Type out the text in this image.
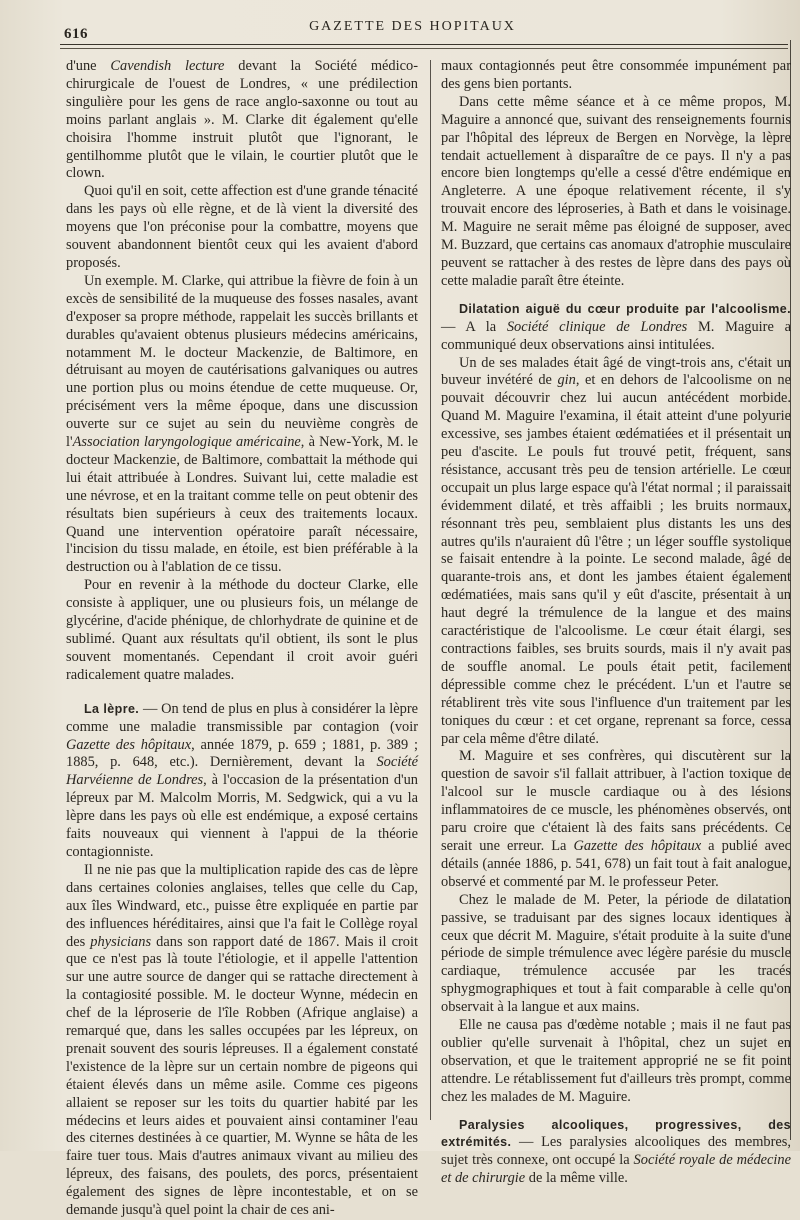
616	GAZETTE DES HOPITAUX

d'une Cavendish lecture devant la Société médico-chirurgicale de l'ouest de Londres, « une prédilection singulière pour les gens de race anglo-saxonne ou tout au moins parlant anglais ». M. Clarke dit également qu'elle choisira l'homme instruit plutôt que l'ignorant, le gentilhomme plutôt que le vilain, le courtier plutôt que le clown.

Quoi qu'il en soit, cette affection est d'une grande ténacité dans les pays où elle règne, et de là vient la diversité des moyens que l'on préconise pour la combattre, moyens que souvent abandonnent bientôt ceux qui les avaient d'abord proposés.

Un exemple. M. Clarke, qui attribue la fièvre de foin à un excès de sensibilité de la muqueuse des fosses nasales, avant d'exposer sa propre méthode, rappelait les succès brillants et durables qu'avaient obtenus plusieurs médecins américains, notamment M. le docteur Mackenzie, de Baltimore, en détruisant au moyen de cautérisations galvaniques ou autres une portion plus ou moins étendue de cette muqueuse. Or, précisément vers la même époque, dans une discussion ouverte sur ce sujet au sein du neuvième congrès de l'Association laryngologique américaine, à New-York, M. le docteur Mackenzie, de Baltimore, combattait la méthode qui lui était attribuée à Londres. Suivant lui, cette maladie est une névrose, et en la traitant comme telle on peut obtenir des résultats bien supérieurs à ceux des traitements locaux. Quand une intervention opératoire paraît nécessaire, l'incision du tissu malade, en étoile, est bien préférable à la destruction ou à l'ablation de ce tissu.

Pour en revenir à la méthode du docteur Clarke, elle consiste à appliquer, une ou plusieurs fois, un mélange de glycérine, d'acide phénique, de chlorhydrate de quinine et de sublimé. Quant aux résultats qu'il obtient, ils sont le plus souvent momentanés. Cependant il croit avoir guéri radicalement quatre malades.

La lèpre. — On tend de plus en plus à considérer la lèpre comme une maladie transmissible par contagion (voir Gazette des hôpitaux, année 1879, p. 659 ; 1881, p. 389 ; 1885, p. 648, etc.). Dernièrement, devant la Société Harvéienne de Londres, à l'occasion de la présentation d'un lépreux par M. Malcolm Morris, M. Sedgwick, qui a vu la lèpre dans les pays où elle est endémique, a exposé certains faits nouveaux qui viennent à l'appui de la théorie contagionniste.

Il ne nie pas que la multiplication rapide des cas de lèpre dans certaines colonies anglaises, telles que celle du Cap, aux îles Windward, etc., puisse être expliquée en partie par des influences héréditaires, ainsi que l'a fait le Collège royal des physicians dans son rapport daté de 1867. Mais il croit que ce n'est pas là toute l'étiologie, et il appelle l'attention sur une autre source de danger qui se rattache directement à la contagiosité possible. M. le docteur Wynne, médecin en chef de la léproserie de l'île Robben (Afrique anglaise) a remarqué que, dans les salles occupées par les lépreux, on prenait souvent des souris lépreuses. Il a également constaté l'existence de la lèpre sur un certain nombre de pigeons qui étaient élevés dans un même asile. Comme ces pigeons allaient se reposer sur les toits du quartier habité par les médecins et leurs aides et pouvaient ainsi contaminer l'eau des citernes destinées à ce quartier, M. Wynne se hâta de les faire tuer tous. Mais d'autres animaux vivant au milieu des lépreux, des faisans, des poulets, des porcs, présentaient également des signes de lèpre incontestable, et on se demande jusqu'à quel point la chair de ces ani-

maux contagionnés peut être consommée impunément par des gens bien portants.

Dans cette même séance et à ce même propos, M. Maguire a annoncé que, suivant des renseignements fournis par l'hôpital des lépreux de Bergen en Norvège, la lèpre tendait actuellement à disparaître de ce pays. Il n'y a pas encore bien longtemps qu'elle a cessé d'être endémique en Angleterre. A une époque relativement récente, il s'y trouvait encore des léproseries, à Bath et dans le voisinage. M. Maguire ne serait même pas éloigné de supposer, avec M. Buzzard, que certains cas anomaux d'atrophie musculaire peuvent se rattacher à des restes de lèpre dans des pays où cette maladie paraît être éteinte.

Dilatation aiguë du cœur produite par l'alcoolisme. — A la Société clinique de Londres M. Maguire a communiqué deux observations ainsi intitulées.

Un de ses malades était âgé de vingt-trois ans, c'était un buveur invétéré de gin, et en dehors de l'alcoolisme on ne pouvait découvrir chez lui aucun antécédent morbide. Quand M. Maguire l'examina, il était atteint d'une polyurie excessive, ses jambes étaient œdématiées et il présentait un peu d'ascite. Le pouls fut trouvé petit, fréquent, sans résistance, accusant très peu de tension artérielle. Le cœur occupait un plus large espace qu'à l'état normal ; il paraissait évidemment dilaté, et très affaibli ; les bruits normaux, résonnant très peu, semblaient plus distants les uns des autres qu'ils n'auraient dû l'être ; un léger souffle systolique se faisait entendre à la pointe. Le second malade, âgé de quarante-trois ans, et dont les jambes étaient également œdématiées, mais sans qu'il y eût d'ascite, présentait à un haut degré la trémulence de la langue et des mains caractéristique de l'alcoolisme. Le cœur était élargi, ses contractions faibles, ses bruits sourds, mais il n'y avait pas de souffle anomal. Le pouls était petit, facilement dépressible comme chez le précédent. L'un et l'autre se rétablirent très vite sous l'influence d'un traitement par les toniques du cœur : et cet organe, reprenant sa force, cessa par cela même d'être dilaté.

M. Maguire et ses confrères, qui discutèrent sur la question de savoir s'il fallait attribuer, à l'action toxique de l'alcool sur le muscle cardiaque ou à des lésions inflammatoires de ce muscle, les phénomènes observés, ont paru croire que c'étaient là des faits sans précédents. Ce serait une erreur. La Gazette des hôpitaux a publié avec détails (année 1886, p. 541, 678) un fait tout à fait analogue, observé et commenté par M. le professeur Peter.

Chez le malade de M. Peter, la période de dilatation passive, se traduisant par des signes locaux identiques à ceux que décrit M. Maguire, s'était produite à la suite d'une période de simple trémulence avec légère parésie du muscle cardiaque, trémulence accusée par les tracés sphygmographiques et tout à fait comparable à celle qu'on observait à la langue et aux mains.

Elle ne causa pas d'œdème notable ; mais il ne faut pas oublier qu'elle survenait à l'hôpital, chez un sujet en observation, et que le traitement approprié ne se fit point attendre. Le rétablissement fut d'ailleurs très prompt, comme chez les malades de M. Maguire.

Paralysies alcooliques, progressives, des extrémités. — Les paralysies alcooliques des membres, sujet très connexe, ont occupé la Société royale de médecine et de chirurgie de la même ville.
